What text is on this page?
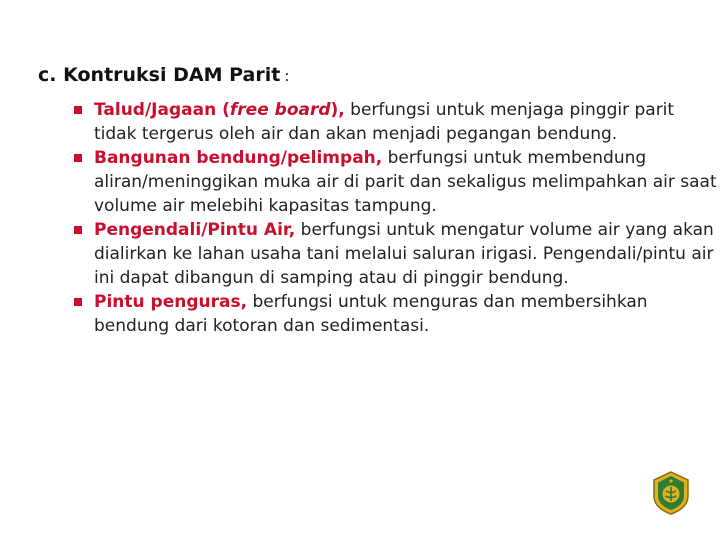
c. Kontruksi DAM Parit :
Talud/Jagaan (free board), berfungsi untuk menjaga pinggir parit tidak tergerus oleh air dan akan menjadi pegangan bendung.
Bangunan bendung/pelimpah, berfungsi untuk membendung aliran/meninggikan muka air di parit dan sekaligus melimpahkan air saat volume air melebihi kapasitas tampung.
Pengendali/Pintu Air, berfungsi untuk mengatur volume air yang akan dialirkan ke lahan usaha tani melalui saluran irigasi. Pengendali/pintu air ini dapat dibangun di samping atau di pinggir bendung.
Pintu penguras, berfungsi untuk menguras dan membersihkan bendung dari kotoran dan sedimentasi.
